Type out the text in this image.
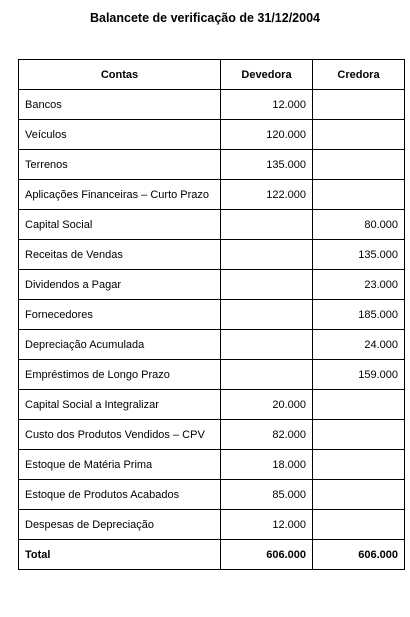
Balancete de verificação de 31/12/2004
Contas	Devedora	Credora
Bancos	12.000	
Veículos	120.000	
Terrenos	135.000	
Aplicações Financeiras – Curto Prazo	122.000	
Capital Social		80.000
Receitas de Vendas		135.000
Dividendos a Pagar		23.000
Fornecedores		185.000
Depreciação Acumulada		24.000
Empréstimos de Longo Prazo		159.000
Capital Social a Integralizar	20.000	
Custo dos Produtos Vendidos – CPV	82.000	
Estoque de Matéria Prima	18.000	
Estoque de Produtos Acabados	85.000	
Despesas de Depreciação	12.000	
Total	606.000	606.000
